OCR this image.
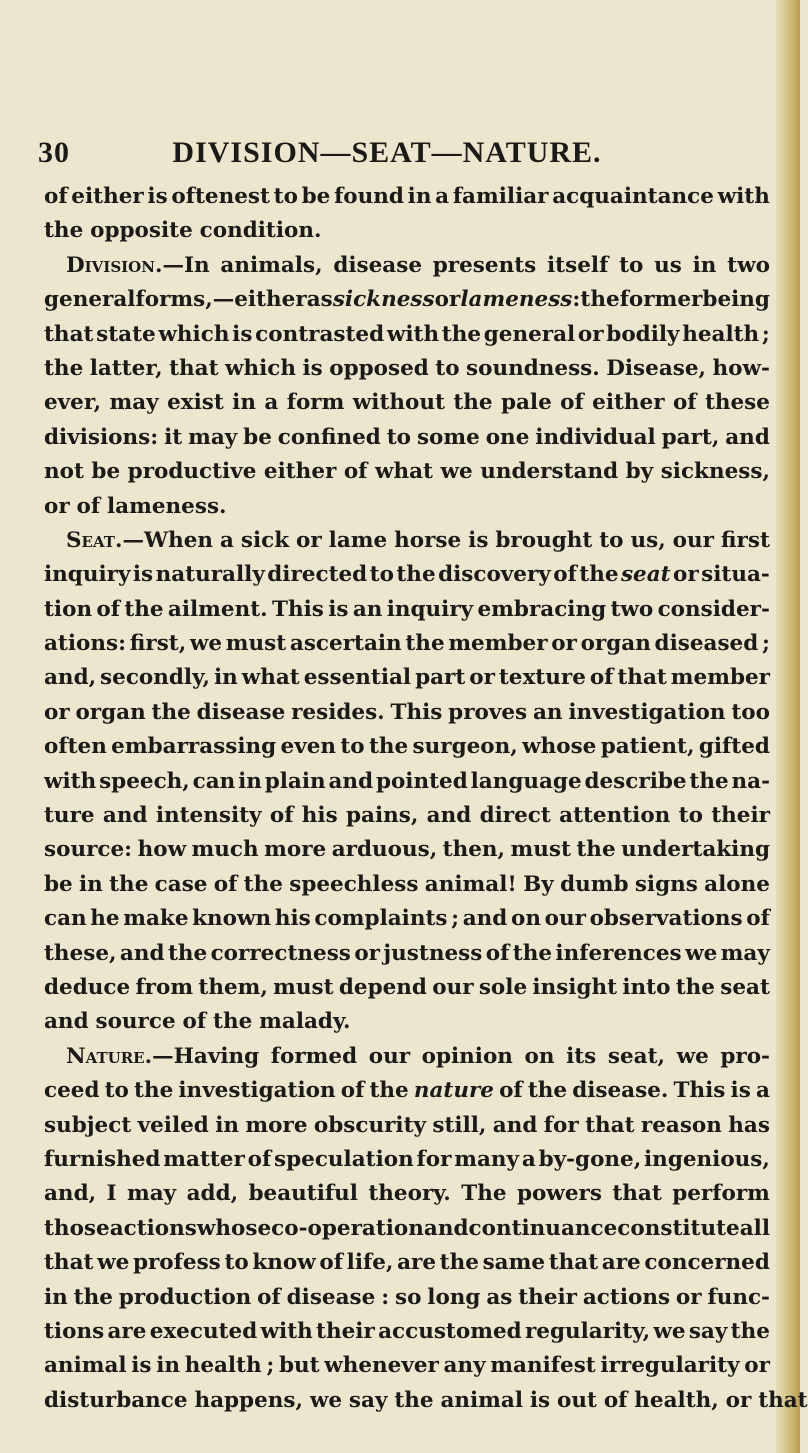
30	DIVISION—SEAT—NATURE.
of either is oftenest to be found in a familiar acquaintance with
the opposite condition.
Division.—In animals, disease presents itself to us in two
general forms,—either as sickness or lameness: the former being
that state which is contrasted with the general or bodily health ;
the latter, that which is opposed to soundness. Disease, how-
ever, may exist in a form without the pale of either of these
divisions: it may be confined to some one individual part, and
not be productive either of what we understand by sickness,
or of lameness.
Seat.—When a sick or lame horse is brought to us, our first
inquiry is naturally directed to the discovery of the seat or situa-
tion of the ailment. This is an inquiry embracing two consider-
ations: first, we must ascertain the member or organ diseased ;
and, secondly, in what essential part or texture of that member
or organ the disease resides. This proves an investigation too
often embarrassing even to the surgeon, whose patient, gifted
with speech, can in plain and pointed language describe the na-
ture and intensity of his pains, and direct attention to their
source: how much more arduous, then, must the undertaking
be in the case of the speechless animal! By dumb signs alone
can he make known his complaints ; and on our observations of
these, and the correctness or justness of the inferences we may
deduce from them, must depend our sole insight into the seat
and source of the malady.
Nature.—Having formed our opinion on its seat, we pro-
ceed to the investigation of the nature of the disease. This is a
subject veiled in more obscurity still, and for that reason has
furnished matter of speculation for many a by-gone, ingenious,
and, I may add, beautiful theory. The powers that perform
those actions whose co-operation and continuance constitute all
that we profess to know of life, are the same that are concerned
in the production of disease : so long as their actions or func-
tions are executed with their accustomed regularity, we say the
animal is in health ; but whenever any manifest irregularity or
disturbance happens, we say the animal is out of health, or that
